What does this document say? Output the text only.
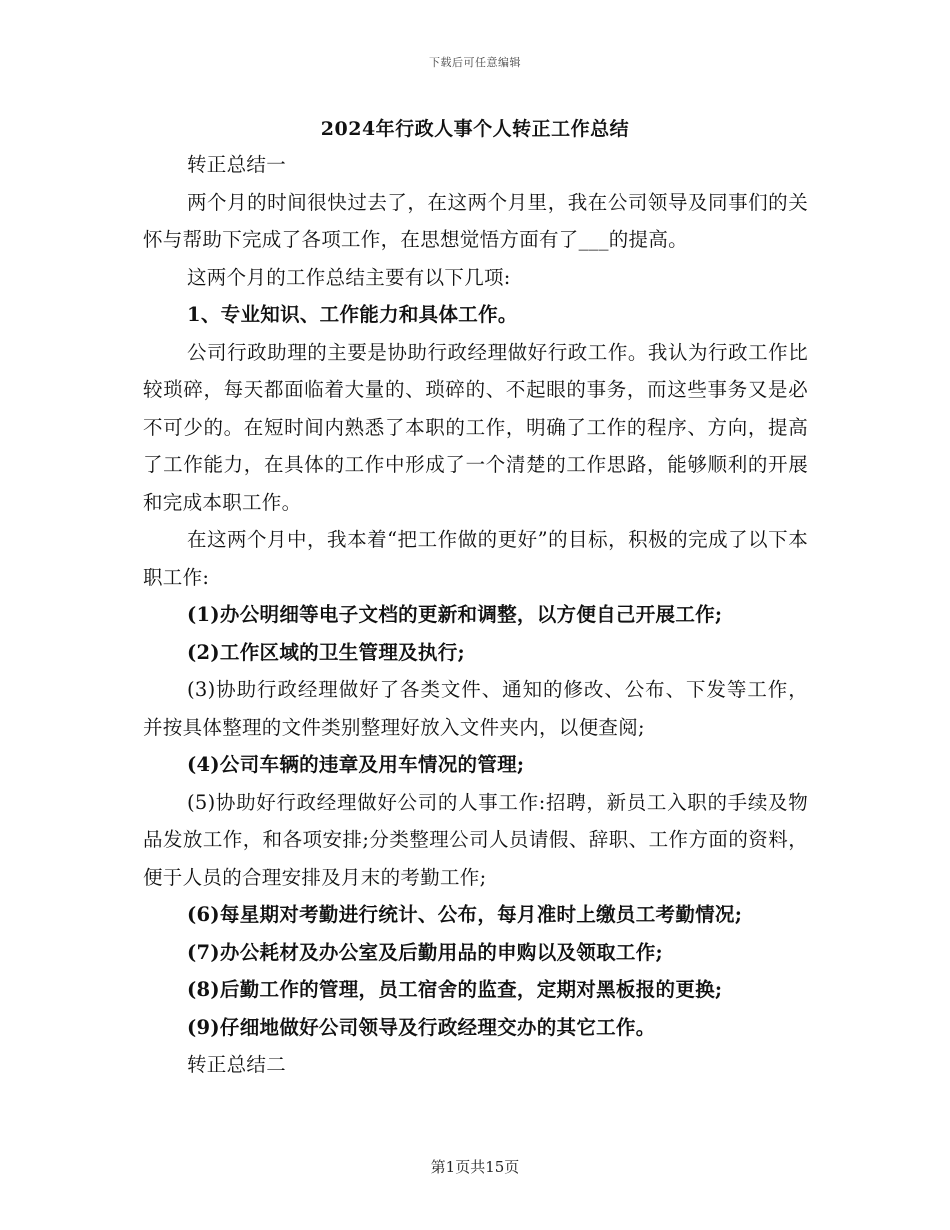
下载后可任意编辑
2024年行政人事个人转正工作总结

转正总结一

两个月的时间很快过去了，在这两个月里，我在公司领导及同事们的关怀与帮助下完成了各项工作，在思想觉悟方面有了___的提高。

这两个月的工作总结主要有以下几项:

1、专业知识、工作能力和具体工作。

公司行政助理的主要是协助行政经理做好行政工作。我认为行政工作比较琐碎，每天都面临着大量的、琐碎的、不起眼的事务，而这些事务又是必不可少的。在短时间内熟悉了本职的工作，明确了工作的程序、方向，提高了工作能力，在具体的工作中形成了一个清楚的工作思路，能够顺利的开展和完成本职工作。

在这两个月中，我本着“把工作做的更好”的目标，积极的完成了以下本职工作:

(1)办公明细等电子文档的更新和调整，以方便自己开展工作;

(2)工作区域的卫生管理及执行;

(3)协助行政经理做好了各类文件、通知的修改、公布、下发等工作，并按具体整理的文件类别整理好放入文件夹内，以便查阅;

(4)公司车辆的违章及用车情况的管理;

(5)协助好行政经理做好公司的人事工作:招聘，新员工入职的手续及物品发放工作，和各项安排;分类整理公司人员请假、辞职、工作方面的资料，便于人员的合理安排及月末的考勤工作;

(6)每星期对考勤进行统计、公布，每月准时上缴员工考勤情况;

(7)办公耗材及办公室及后勤用品的申购以及领取工作;

(8)后勤工作的管理，员工宿舍的监查，定期对黑板报的更换;

(9)仔细地做好公司领导及行政经理交办的其它工作。

转正总结二

第1页共15页
